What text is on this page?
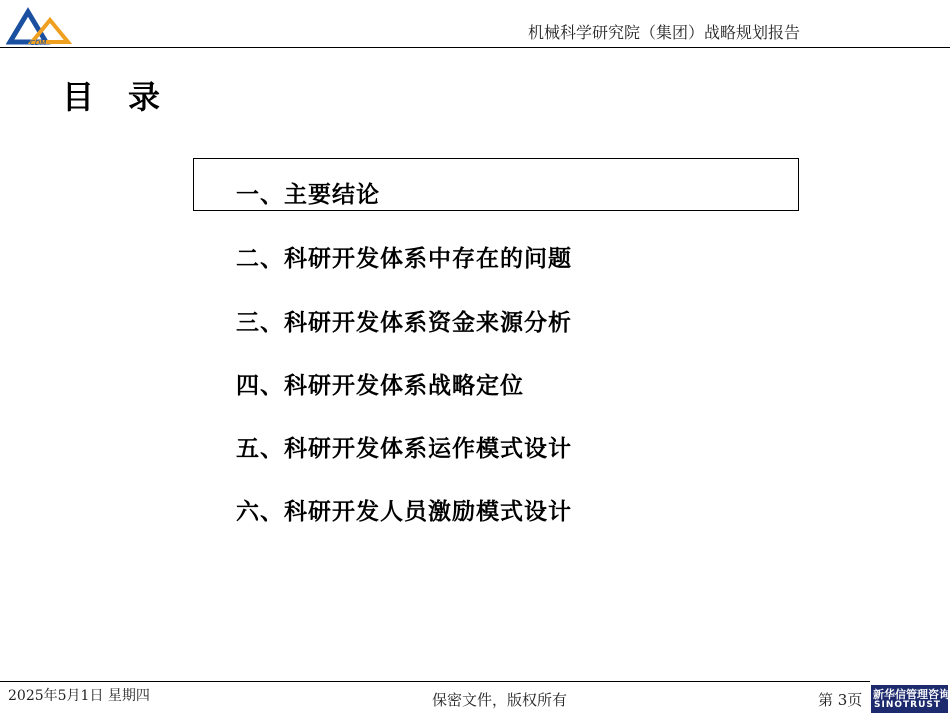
CDM
机械科学研究院（集团）战略规划报告
目录
一、主要结论
二、科研开发体系中存在的问题
三、科研开发体系资金来源分析
四、科研开发体系战略定位
五、科研开发体系运作模式设计
六、科研开发人员激励模式设计
2025年5月1日 星期四	保密文件，版权所有	第 3页 新华信管理咨询
SINOTRUST
